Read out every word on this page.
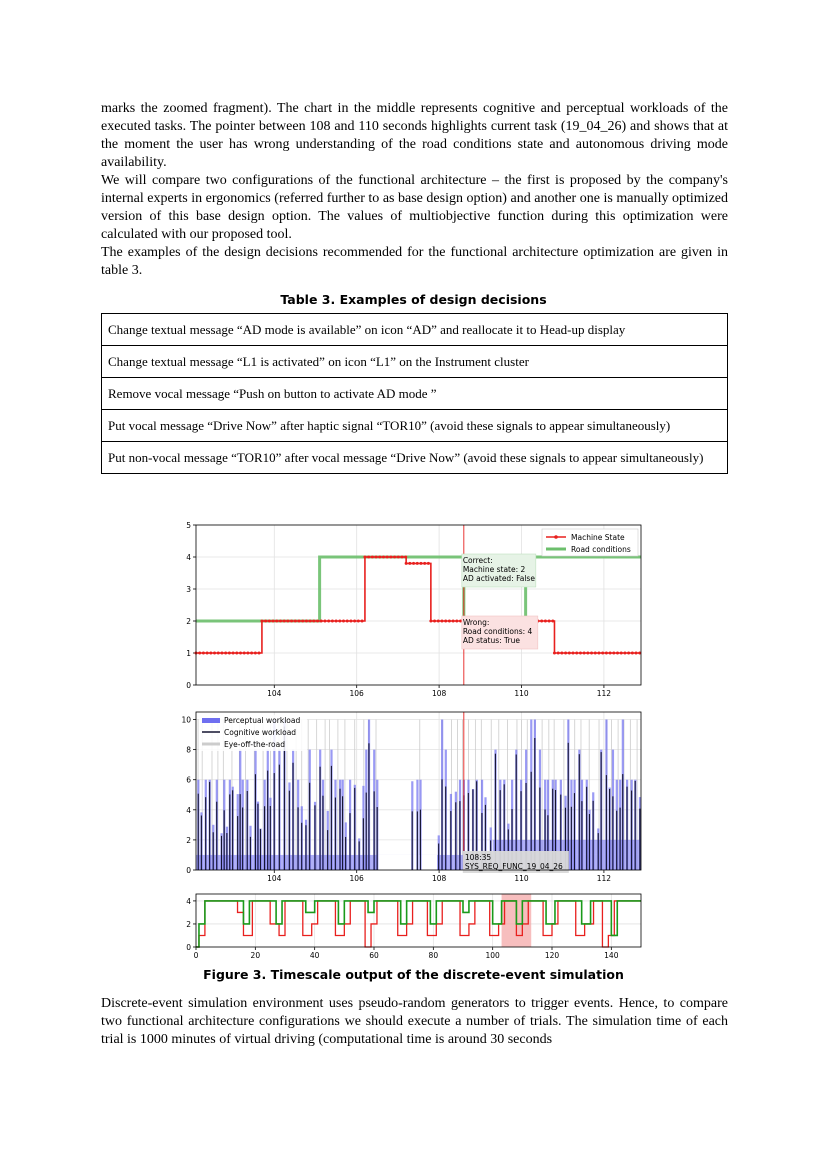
marks the zoomed fragment). The chart in the middle represents cognitive and perceptual workloads of the executed tasks. The pointer between 108 and 110 seconds highlights current task (19_04_26) and shows that at the moment the user has wrong understanding of the road conditions state and autonomous driving mode availability.

We will compare two configurations of the functional architecture – the first is proposed by the company's internal experts in ergonomics (referred further to as base design option) and another one is manually optimized version of this base design option. The values of multiobjective function during this optimization were calculated with our proposed tool.

The examples of the design decisions recommended for the functional architecture optimization are given in table 3.

Table 3. Examples of design decisions
Change textual message “AD mode is available” on icon “AD” and reallocate it to Head-up display
Change textual message “L1 is activated” on icon “L1” on the Instrument cluster
Remove vocal message “Push on button to activate AD mode ”
Put vocal message “Drive Now” after haptic signal “TOR10” (avoid these signals to appear simultaneously)
Put non-vocal message “TOR10” after vocal message “Drive Now” (avoid these signals to appear simultaneously)
104	106	108	110	112
0
1
2
3
4
5
Correct:
Machine state: 2
AD activated: False
Wrong:
Road conditions: 4
AD status: True
Machine State
Road conditions
104	106	108	110	112
0
2
4
6
8
10
108:35
SYS_REQ_FUNC_19_04_26
Perceptual workload
Cognitive workload
Eye-off-the-road
0	20	40	60	80	100	120	140
0
2
4
Figure 3. Timescale output of the discrete-event simulation

Discrete-event simulation environment uses pseudo-random generators to trigger events. Hence, to compare two functional architecture configurations we should execute a number of trials. The simulation time of each trial is 1000 minutes of virtual driving (computational time is around 30 seconds
